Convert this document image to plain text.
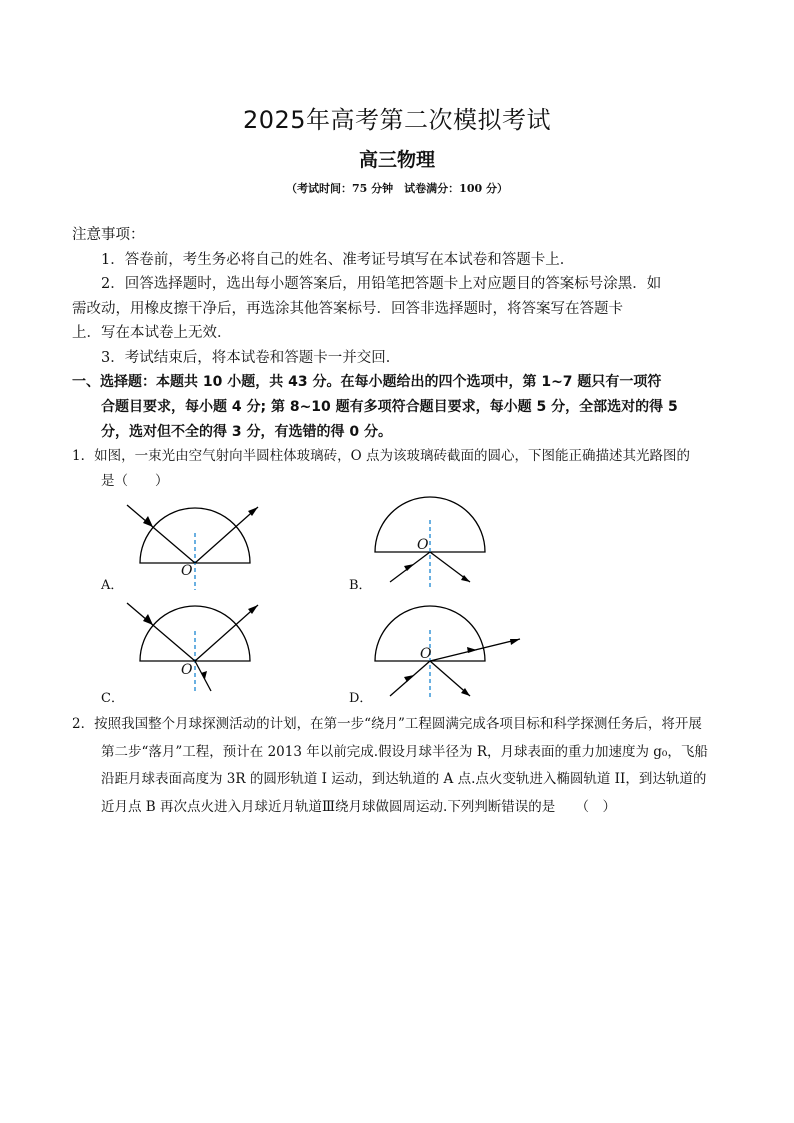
2025年高考第二次模拟考试
高三物理
（考试时间：75 分钟　试卷满分：100 分）
注意事项：
1．答卷前，考生务必将自己的姓名、准考证号填写在本试卷和答题卡上．
2．回答选择题时，选出每小题答案后，用铅笔把答题卡上对应题目的答案标号涂黑．如
需改动，用橡皮擦干净后，再选涂其他答案标号．回答非选择题时，将答案写在答题卡
上．写在本试卷上无效．
3．考试结束后，将本试卷和答题卡一并交回．
一、选择题：本题共 10 小题，共 43 分。在每小题给出的四个选项中，第 1~7 题只有一项符
合题目要求，每小题 4 分; 第 8~10 题有多项符合题目要求，每小题 5 分，全部选对的得 5
分，选对但不全的得 3 分，有选错的得 0 分。
1．如图，一束光由空气射向半圆柱体玻璃砖，O 点为该玻璃砖截面的圆心，下图能正确描述其光路图的
是（　　）
O
A．
O
B．
O
C．
O
D．
2．按照我国整个月球探测活动的计划，在第一步“绕月”工程圆满完成各项目标和科学探测任务后，将开展
第二步“落月”工程，预计在 2013 年以前完成.假设月球半径为 R，月球表面的重力加速度为 g₀，飞船
沿距月球表面高度为 3R 的圆形轨道 I 运动，到达轨道的 A 点.点火变轨进入椭圆轨道 II，到达轨道的
近月点 B 再次点火进入月球近月轨道Ⅲ绕月球做圆周运动.下列判断错误的是　　（　）
